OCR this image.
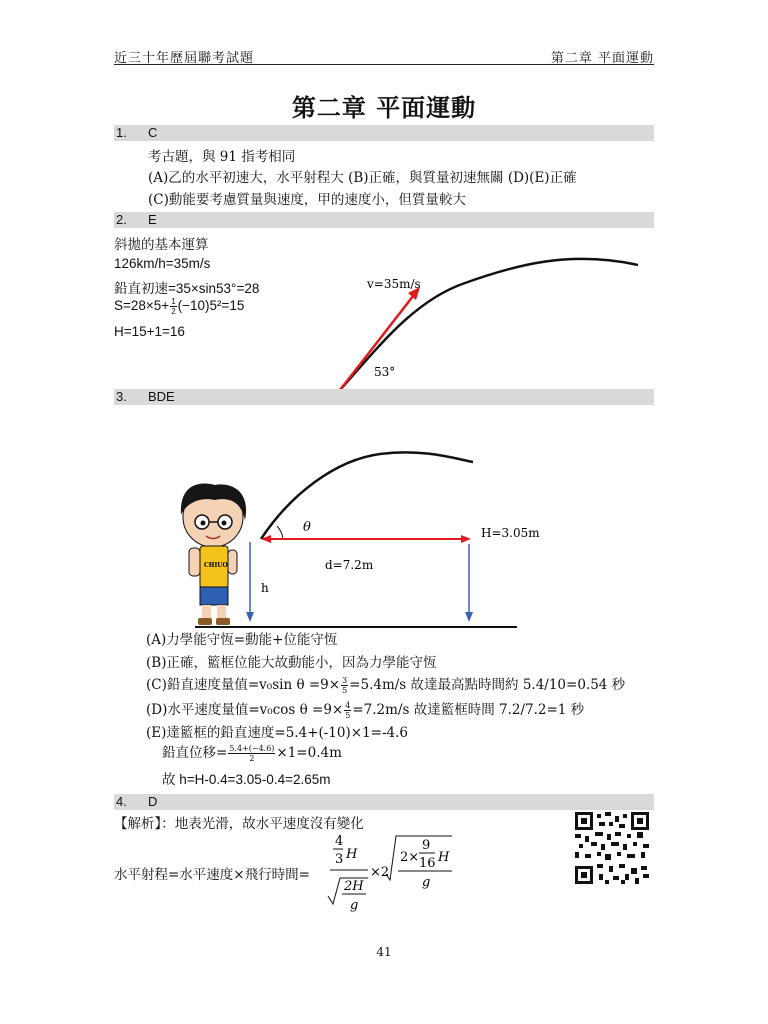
近三十年歷屆聯考試題	第二章 平面運動
第二章 平面運動
1. C
考古題，與 91 指考相同
(A)乙的水平初速大，水平射程大 (B)正確，與質量初速無關 (D)(E)正確
(C)動能要考慮質量與速度，甲的速度小，但質量較大
2. E
斜拋的基本運算
126km/h=35m/s
鉛直初速=35×sin53°=28
$S=28\times 5+ \frac{1}{2} (-10)5^2=15$
H=15+1=16
v=35m/s
53°
3. BDE
θ
d=7.2m
H=3.05m
h
CHIUO
(A)力學能守恆=動能+位能守恆
(B)正確，籃框位能大故動能小，因為力學能守恆
(C)鉛直速度量值=v₀sin $\theta =9\times \frac{3}{5} =5.4m/s$ 故達最高點時間約 5.4/10=0.54 秒
(D)水平速度量值=v₀cos $\theta =9\times \frac{4}{5} =7.2m/s$ 故達籃框時間 7.2/7.2=1 秒
(E)達籃框的鉛直速度=5.4+(-10)×1=-4.6
鉛直位移= $\frac{5.4+(-4.6)}{2} \times 1=0.4m$
故 h=H-0.4=3.05-0.4=2.65m
4. D
【解析】：地表光滑，故水平速度沒有變化
水平射程=水平速度×飛行時間=
4
3 H
2H
g
×2
2×
9
16 H
g
41
